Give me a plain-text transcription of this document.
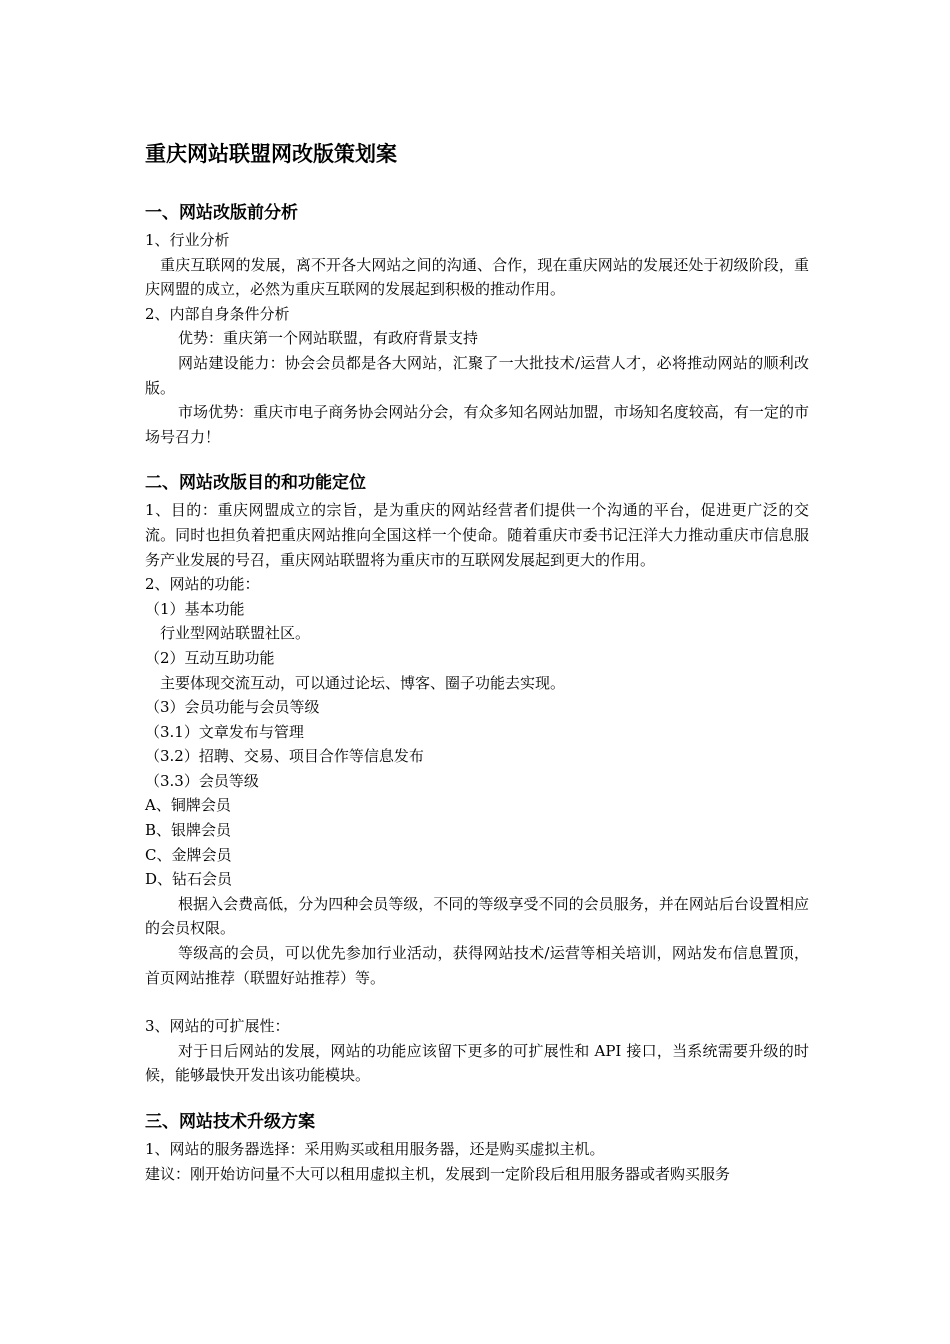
重庆网站联盟网改版策划案
一、网站改版前分析
1、行业分析
重庆互联网的发展，离不开各大网站之间的沟通、合作，现在重庆网站的发展还处于初级阶段，重庆网盟的成立，必然为重庆互联网的发展起到积极的推动作用。
2、内部自身条件分析
优势：重庆第一个网站联盟，有政府背景支持
网站建设能力：协会会员都是各大网站，汇聚了一大批技术/运营人才，必将推动网站的顺利改版。
市场优势：重庆市电子商务协会网站分会，有众多知名网站加盟，市场知名度较高，有一定的市场号召力！
二、网站改版目的和功能定位
1、目的：重庆网盟成立的宗旨，是为重庆的网站经营者们提供一个沟通的平台，促进更广泛的交流。同时也担负着把重庆网站推向全国这样一个使命。随着重庆市委书记汪洋大力推动重庆市信息服务产业发展的号召，重庆网站联盟将为重庆市的互联网发展起到更大的作用。
2、网站的功能：
（1）基本功能
行业型网站联盟社区。
（2）互动互助功能
主要体现交流互动，可以通过论坛、博客、圈子功能去实现。
（3）会员功能与会员等级
（3.1）文章发布与管理
（3.2）招聘、交易、项目合作等信息发布
（3.3）会员等级
A、铜牌会员
B、银牌会员
C、金牌会员
D、钻石会员
根据入会费高低，分为四种会员等级，不同的等级享受不同的会员服务，并在网站后台设置相应的会员权限。
等级高的会员，可以优先参加行业活动，获得网站技术/运营等相关培训，网站发布信息置顶，首页网站推荐（联盟好站推荐）等。
3、网站的可扩展性：
对于日后网站的发展，网站的功能应该留下更多的可扩展性和 API 接口，当系统需要升级的时候，能够最快开发出该功能模块。
三、网站技术升级方案
1、网站的服务器选择：采用购买或租用服务器，还是购买虚拟主机。
建议：刚开始访问量不大可以租用虚拟主机，发展到一定阶段后租用服务器或者购买服务
